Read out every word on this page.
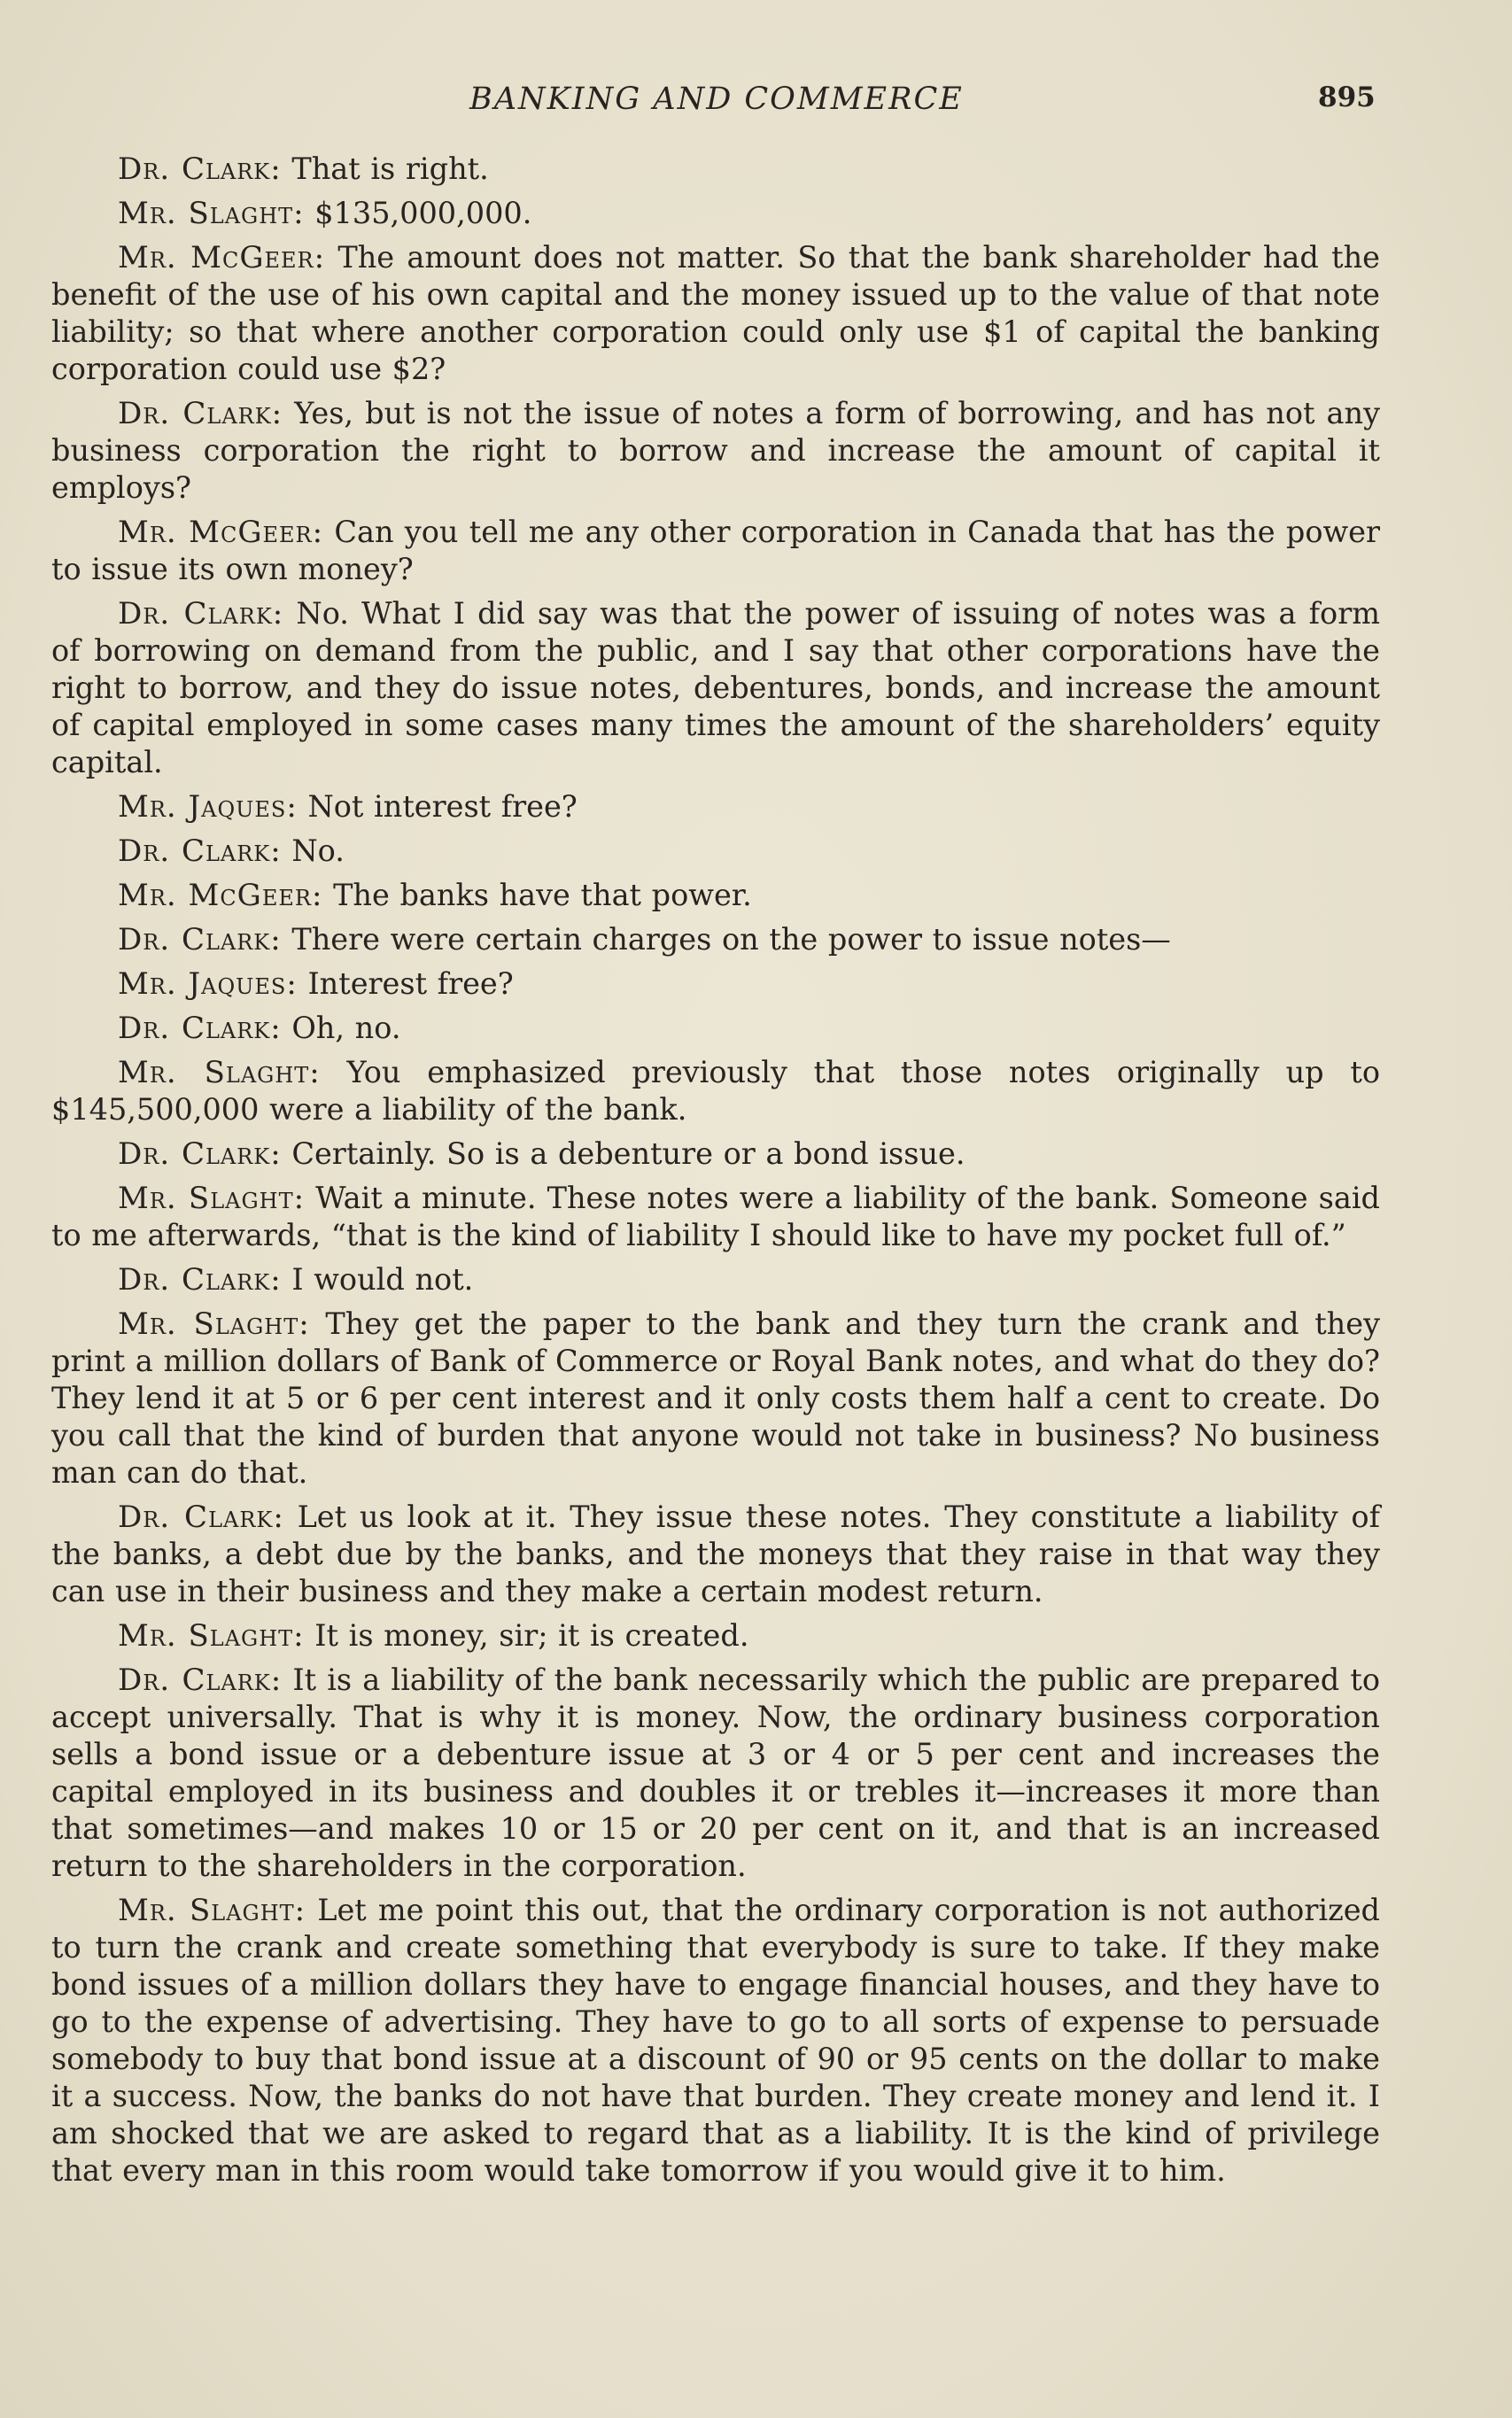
BANKING AND COMMERCE	895

Dr. Clark: That is right.

Mr. Slaght: $135,000,000.

Mr. McGeer: The amount does not matter. So that the bank shareholder had the benefit of the use of his own capital and the money issued up to the value of that note liability; so that where another corporation could only use $1 of capital the banking corporation could use $2?

Dr. Clark: Yes, but is not the issue of notes a form of borrowing, and has not any business corporation the right to borrow and increase the amount of capital it employs?

Mr. McGeer: Can you tell me any other corporation in Canada that has the power to issue its own money?

Dr. Clark: No. What I did say was that the power of issuing of notes was a form of borrowing on demand from the public, and I say that other corporations have the right to borrow, and they do issue notes, debentures, bonds, and increase the amount of capital employed in some cases many times the amount of the shareholders’ equity capital.

Mr. Jaques: Not interest free?

Dr. Clark: No.

Mr. McGeer: The banks have that power.

Dr. Clark: There were certain charges on the power to issue notes—

Mr. Jaques: Interest free?

Dr. Clark: Oh, no.

Mr. Slaght: You emphasized previously that those notes originally up to $145,500,000 were a liability of the bank.

Dr. Clark: Certainly. So is a debenture or a bond issue.

Mr. Slaght: Wait a minute. These notes were a liability of the bank. Someone said to me afterwards, “that is the kind of liability I should like to have my pocket full of.”

Dr. Clark: I would not.

Mr. Slaght: They get the paper to the bank and they turn the crank and they print a million dollars of Bank of Commerce or Royal Bank notes, and what do they do? They lend it at 5 or 6 per cent interest and it only costs them half a cent to create. Do you call that the kind of burden that anyone would not take in business? No business man can do that.

Dr. Clark: Let us look at it. They issue these notes. They constitute a liability of the banks, a debt due by the banks, and the moneys that they raise in that way they can use in their business and they make a certain modest return.

Mr. Slaght: It is money, sir; it is created.

Dr. Clark: It is a liability of the bank necessarily which the public are prepared to accept universally. That is why it is money. Now, the ordinary business corporation sells a bond issue or a debenture issue at 3 or 4 or 5 per cent and increases the capital employed in its business and doubles it or trebles it—increases it more than that sometimes—and makes 10 or 15 or 20 per cent on it, and that is an increased return to the shareholders in the corporation.

Mr. Slaght: Let me point this out, that the ordinary corporation is not authorized to turn the crank and create something that everybody is sure to take. If they make bond issues of a million dollars they have to engage financial houses, and they have to go to the expense of advertising. They have to go to all sorts of expense to persuade somebody to buy that bond issue at a discount of 90 or 95 cents on the dollar to make it a success. Now, the banks do not have that burden. They create money and lend it. I am shocked that we are asked to regard that as a liability. It is the kind of privilege that every man in this room would take tomorrow if you would give it to him.
